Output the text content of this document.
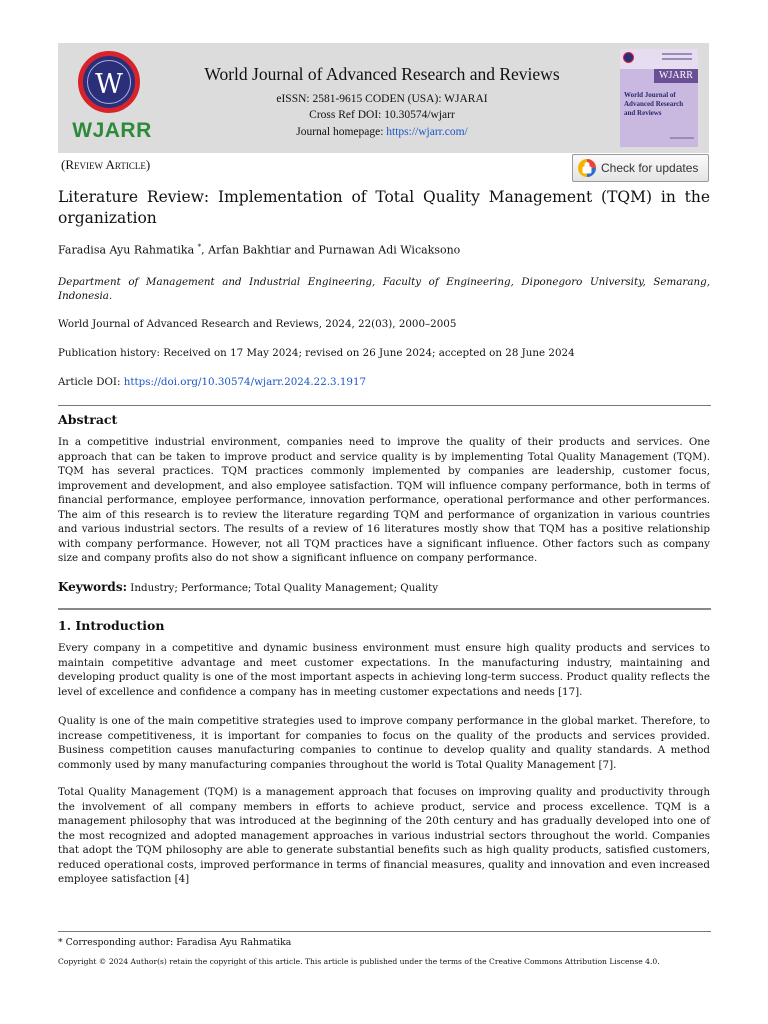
W
WJARR
World Journal of Advanced Research and Reviews
eISSN: 2581-9615 CODEN (USA): WJARAI
Cross Ref DOI: 10.30574/wjarr
Journal homepage: https://wjarr.com/
WJARR
World Journal of Advanced Research and Reviews
(Review Article)	Check for updates
Literature Review: Implementation of Total Quality Management (TQM) in the organization
Faradisa Ayu Rahmatika *, Arfan Bakhtiar and Purnawan Adi Wicaksono
Department of Management and Industrial Engineering, Faculty of Engineering, Diponegoro University, Semarang, Indonesia.
World Journal of Advanced Research and Reviews, 2024, 22(03), 2000–2005
Publication history: Received on 17 May 2024; revised on 26 June 2024; accepted on 28 June 2024
Article DOI: https://doi.org/10.30574/wjarr.2024.22.3.1917
Abstract
In a competitive industrial environment, companies need to improve the quality of their products and services. One approach that can be taken to improve product and service quality is by implementing Total Quality Management (TQM). TQM has several practices. TQM practices commonly implemented by companies are leadership, customer focus, improvement and development, and also employee satisfaction. TQM will influence company performance, both in terms of financial performance, employee performance, innovation performance, operational performance and other performances. The aim of this research is to review the literature regarding TQM and performance of organization in various countries and various industrial sectors. The results of a review of 16 literatures mostly show that TQM has a positive relationship with company performance. However, not all TQM practices have a significant influence. Other factors such as company size and company profits also do not show a significant influence on company performance.
Keywords: Industry; Performance; Total Quality Management; Quality
1. Introduction
Every company in a competitive and dynamic business environment must ensure high quality products and services to maintain competitive advantage and meet customer expectations. In the manufacturing industry, maintaining and developing product quality is one of the most important aspects in achieving long-term success. Product quality reflects the level of excellence and confidence a company has in meeting customer expectations and needs [17].
Quality is one of the main competitive strategies used to improve company performance in the global market. Therefore, to increase competitiveness, it is important for companies to focus on the quality of the products and services provided. Business competition causes manufacturing companies to continue to develop quality and quality standards. A method commonly used by many manufacturing companies throughout the world is Total Quality Management [7].
Total Quality Management (TQM) is a management approach that focuses on improving quality and productivity through the involvement of all company members in efforts to achieve product, service and process excellence. TQM is a management philosophy that was introduced at the beginning of the 20th century and has gradually developed into one of the most recognized and adopted management approaches in various industrial sectors throughout the world. Companies that adopt the TQM philosophy are able to generate substantial benefits such as high quality products, satisfied customers, reduced operational costs, improved performance in terms of financial measures, quality and innovation and even increased employee satisfaction [4]
* Corresponding author: Faradisa Ayu Rahmatika
Copyright © 2024 Author(s) retain the copyright of this article. This article is published under the terms of the Creative Commons Attribution Liscense 4.0.
